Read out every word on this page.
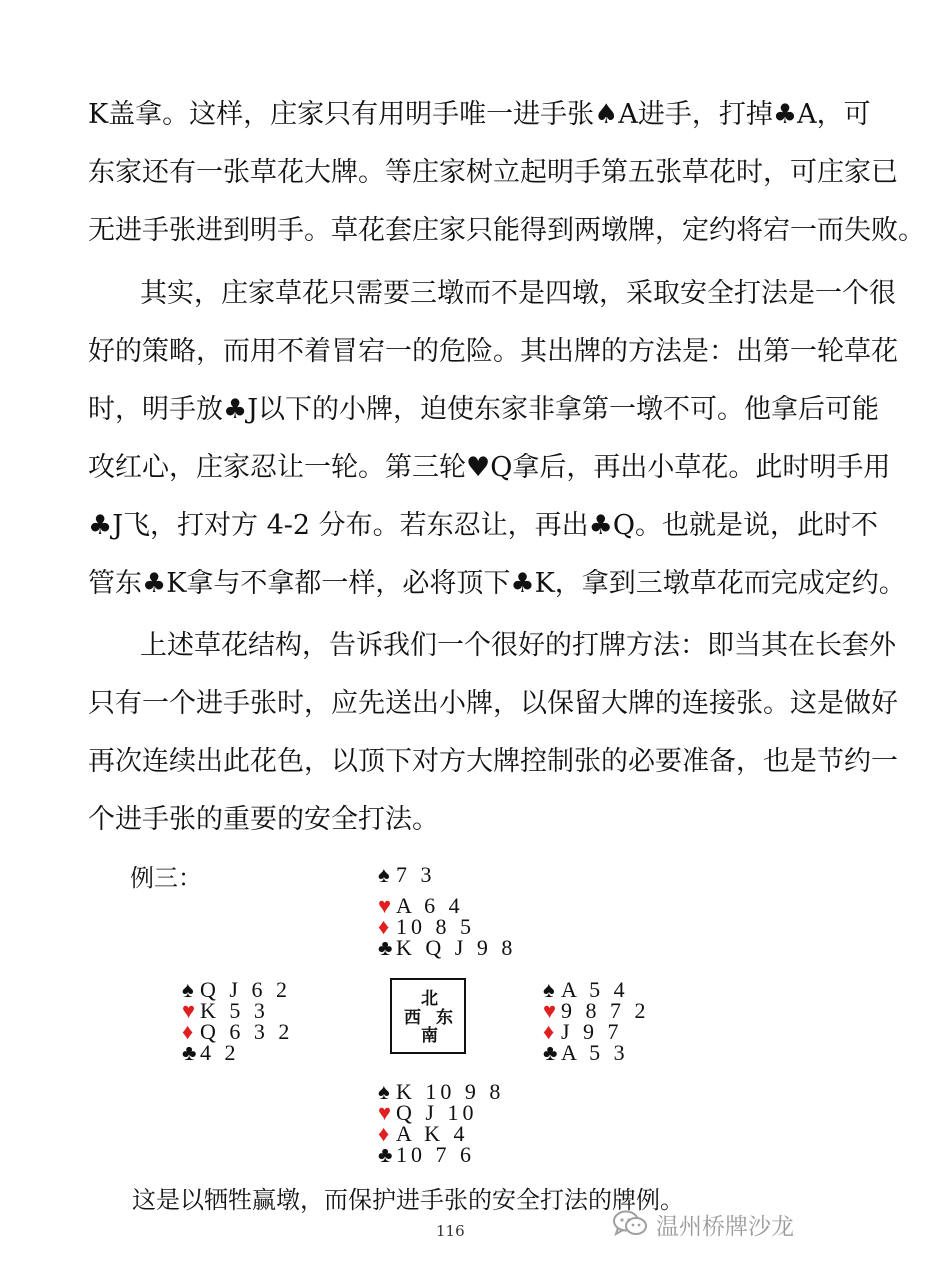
K盖拿。这样，庄家只有用明手唯一进手张♠A进手，打掉♣A，可
东家还有一张草花大牌。等庄家树立起明手第五张草花时，可庄家已
无进手张进到明手。草花套庄家只能得到两墩牌，定约将宕一而失败。
其实，庄家草花只需要三墩而不是四墩，采取安全打法是一个很
好的策略，而用不着冒宕一的危险。其出牌的方法是：出第一轮草花
时，明手放♣J以下的小牌，迫使东家非拿第一墩不可。他拿后可能
攻红心，庄家忍让一轮。第三轮♥Q拿后，再出小草花。此时明手用
♣J飞，打对方 4-2 分布。若东忍让，再出♣Q。也就是说，此时不
管东♣K拿与不拿都一样，必将顶下♣K，拿到三墩草花而完成定约。
上述草花结构，告诉我们一个很好的打牌方法：即当其在长套外
只有一个进手张时，应先送出小牌，以保留大牌的连接张。这是做好
再次连续出此花色，以顶下对方大牌控制张的必要准备，也是节约一
个进手张的重要的安全打法。
例三：	♠ 7 3
♥ A 6 4
♦ 10 8 5
♣ K Q J 9 8
♠ Q J 6 2
♥ K 5 3
♦ Q 6 3 2
♣ 4 2
北
西 东
南
♠ A 5 4
♥ 9 8 7 2
♦ J 9 7
♣ A 5 3
♠ K 10 9 8
♥ Q J 10
♦ A K 4
♣ 10 7 6
这是以牺牲赢墩，而保护进手张的安全打法的牌例。
116	温州桥牌沙龙
